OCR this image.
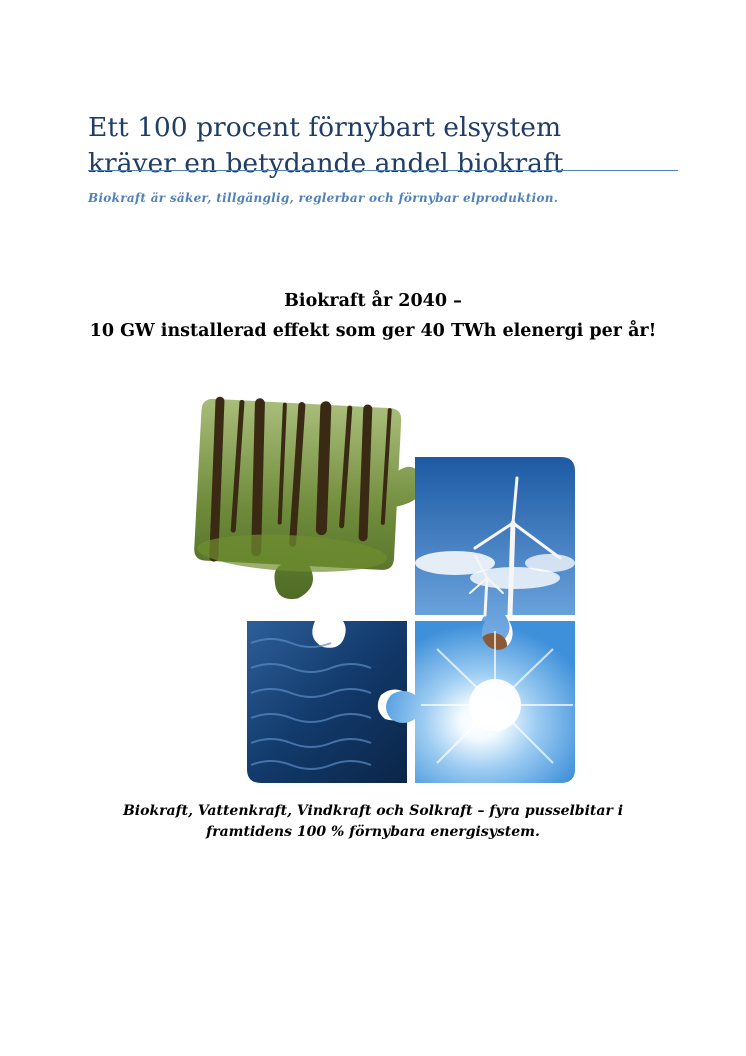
Ett 100 procent förnybart elsystem
kräver en betydande andel biokraft
Biokraft är säker, tillgänglig, reglerbar och förnybar elproduktion.
Biokraft år 2040 –
10 GW installerad effekt som ger 40 TWh elenergi per år!
Biokraft, Vattenkraft, Vindkraft och Solkraft – fyra pusselbitar i
framtidens 100 % förnybara energisystem.
